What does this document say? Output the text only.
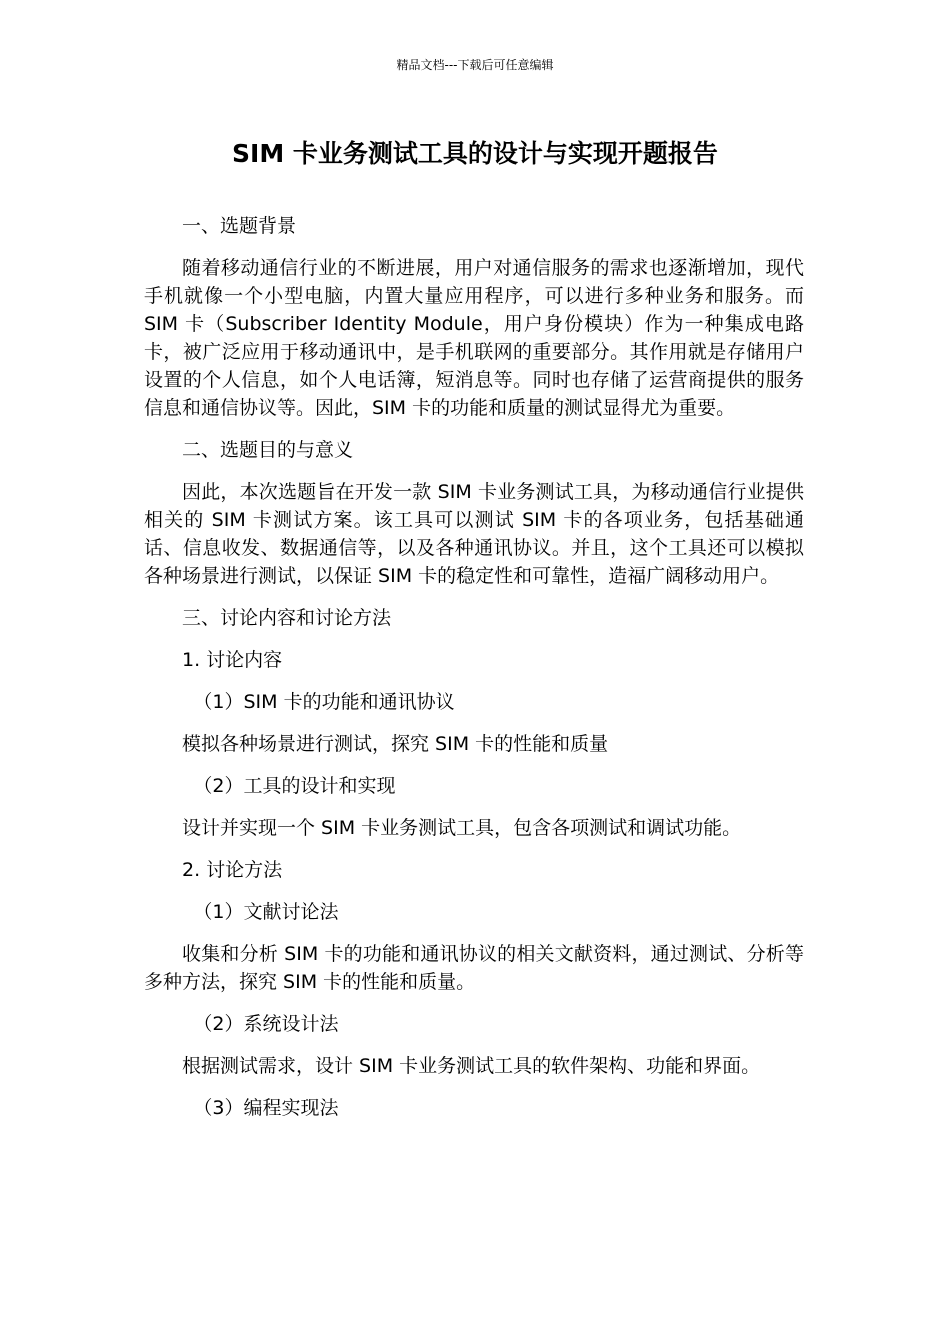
精品文档---下载后可任意编辑
SIM 卡业务测试工具的设计与实现开题报告

一、选题背景

随着移动通信行业的不断进展，用户对通信服务的需求也逐渐增加，现代手机就像一个小型电脑，内置大量应用程序，可以进行多种业务和服务。而 SIM 卡（Subscriber Identity Module，用户身份模块）作为一种集成电路卡，被广泛应用于移动通讯中，是手机联网的重要部分。其作用就是存储用户设置的个人信息，如个人电话簿，短消息等。同时也存储了运营商提供的服务信息和通信协议等。因此，SIM 卡的功能和质量的测试显得尤为重要。

二、选题目的与意义

因此，本次选题旨在开发一款 SIM 卡业务测试工具，为移动通信行业提供相关的 SIM 卡测试方案。该工具可以测试 SIM 卡的各项业务，包括基础通话、信息收发、数据通信等，以及各种通讯协议。并且，这个工具还可以模拟各种场景进行测试，以保证 SIM 卡的稳定性和可靠性，造福广阔移动用户。

三、讨论内容和讨论方法

1. 讨论内容

（1）SIM 卡的功能和通讯协议

模拟各种场景进行测试，探究 SIM 卡的性能和质量

（2）工具的设计和实现

设计并实现一个 SIM 卡业务测试工具，包含各项测试和调试功能。

2. 讨论方法

（1）文献讨论法

收集和分析 SIM 卡的功能和通讯协议的相关文献资料，通过测试、分析等多种方法，探究 SIM 卡的性能和质量。

（2）系统设计法

根据测试需求，设计 SIM 卡业务测试工具的软件架构、功能和界面。

（3）编程实现法
